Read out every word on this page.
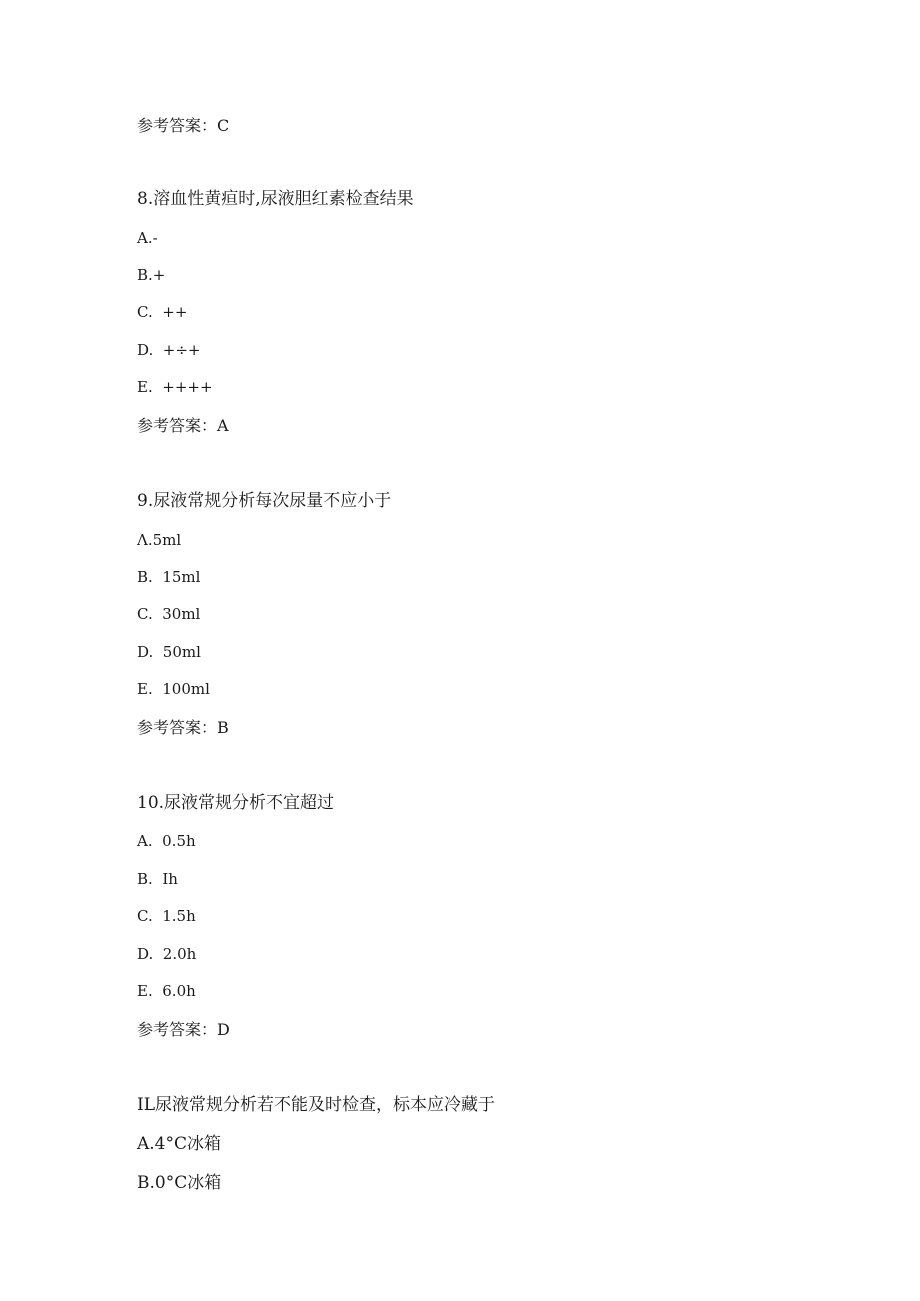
参考答案：C
8.溶血性黄疸时,尿液胆红素检查结果
A.-
B.+
C.  ++
D.  +÷+
E.  ++++
参考答案：A
9.尿液常规分析每次尿量不应小于
Λ.5ml
B.  15ml
C.  30ml
D.  50ml
E.  100ml
参考答案：B
10.尿液常规分析不宜超过
A.  0.5h
B.  Ih
C.  1.5h
D.  2.0h
E.  6.0h
参考答案：D
IL尿液常规分析若不能及时检查，标本应冷藏于
A.4°C冰箱
B.0°C冰箱
